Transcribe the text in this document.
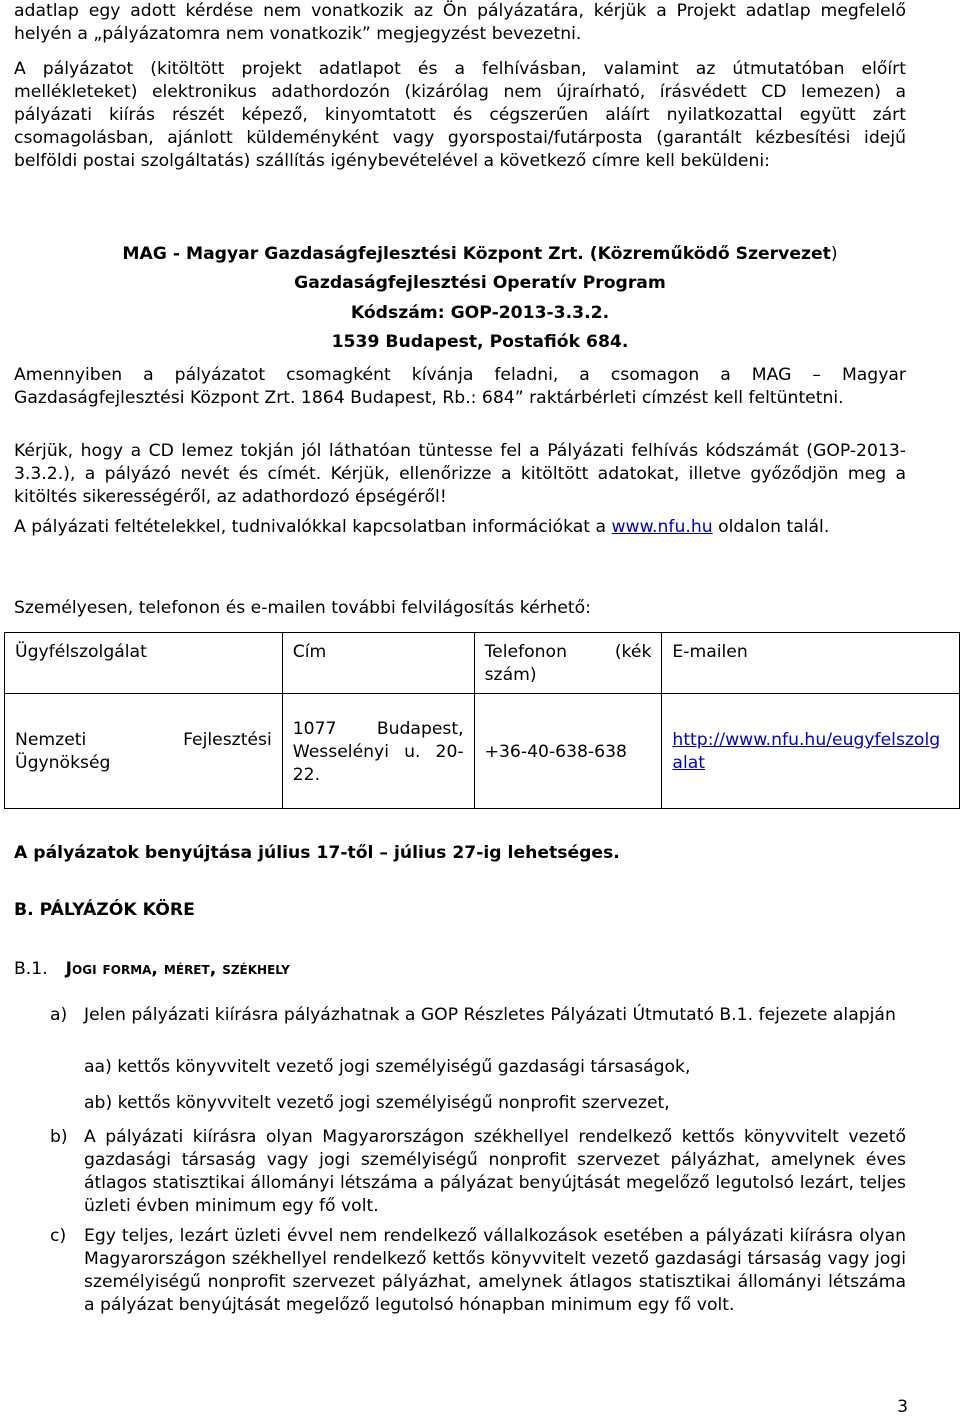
adatlap egy adott kérdése nem vonatkozik az Ön pályázatára, kérjük a Projekt adatlap megfelelő helyén a „pályázatomra nem vonatkozik” megjegyzést bevezetni.

A pályázatot (kitöltött projekt adatlapot és a felhívásban, valamint az útmutatóban előírt mellékleteket) elektronikus adathordozón (kizárólag nem újraírható, írásvédett CD lemezen) a pályázati kiírás részét képező, kinyomtatott és cégszerűen aláírt nyilatkozattal együtt zárt csomagolásban, ajánlott küldeményként vagy gyorspostai/futárposta (garantált kézbesítési idejű belföldi postai szolgáltatás) szállítás igénybevételével a következő címre kell beküldeni:

MAG - Magyar Gazdaságfejlesztési Központ Zrt. (Közreműködő Szervezet)

Gazdaságfejlesztési Operatív Program

Kódszám: GOP-2013-3.3.2.

1539 Budapest, Postafiók 684.

Amennyiben a pályázatot csomagként kívánja feladni, a csomagon a MAG – Magyar Gazdaságfejlesztési Központ Zrt. 1864 Budapest, Rb.: 684” raktárbérleti címzést kell feltüntetni.

Kérjük, hogy a CD lemez tokján jól láthatóan tüntesse fel a Pályázati felhívás kódszámát (GOP-2013-3.3.2.), a pályázó nevét és címét. Kérjük, ellenőrizze a kitöltött adatokat, illetve győződjön meg a kitöltés sikerességéről, az adathordozó épségéről!

A pályázati feltételekkel, tudnivalókkal kapcsolatban információkat a www.nfu.hu oldalon talál.

Személyesen, telefonon és e-mailen további felvilágosítás kérhető:

Ügyfélszolgálat	Cím	Telefonon (kék szám)	E-mailen
Nemzeti Fejlesztési Ügynökség	1077 Budapest, Wesselényi u. 20-22.	+36-40-638-638	http://www.nfu.hu/eugyfelszolgalat

A pályázatok benyújtása július 17-től – július 27-ig lehetséges.

B. PÁLYÁZÓK KÖRE

B.1. Jogi forma, méret, székhely

a) Jelen pályázati kiírásra pályázhatnak a GOP Részletes Pályázati Útmutató B.1. fejezete alapján

aa) kettős könyvvitelt vezető jogi személyiségű gazdasági társaságok,

ab) kettős könyvvitelt vezető jogi személyiségű nonprofit szervezet,

b) A pályázati kiírásra olyan Magyarországon székhellyel rendelkező kettős könyvvitelt vezető gazdasági társaság vagy jogi személyiségű nonprofit szervezet pályázhat, amelynek éves átlagos statisztikai állományi létszáma a pályázat benyújtását megelőző legutolsó lezárt, teljes üzleti évben minimum egy fő volt.
c) Egy teljes, lezárt üzleti évvel nem rendelkező vállalkozások esetében a pályázati kiírásra olyan Magyarországon székhellyel rendelkező kettős könyvvitelt vezető gazdasági társaság vagy jogi személyiségű nonprofit szervezet pályázhat, amelynek átlagos statisztikai állományi létszáma a pályázat benyújtását megelőző legutolsó hónapban minimum egy fő volt.
3
